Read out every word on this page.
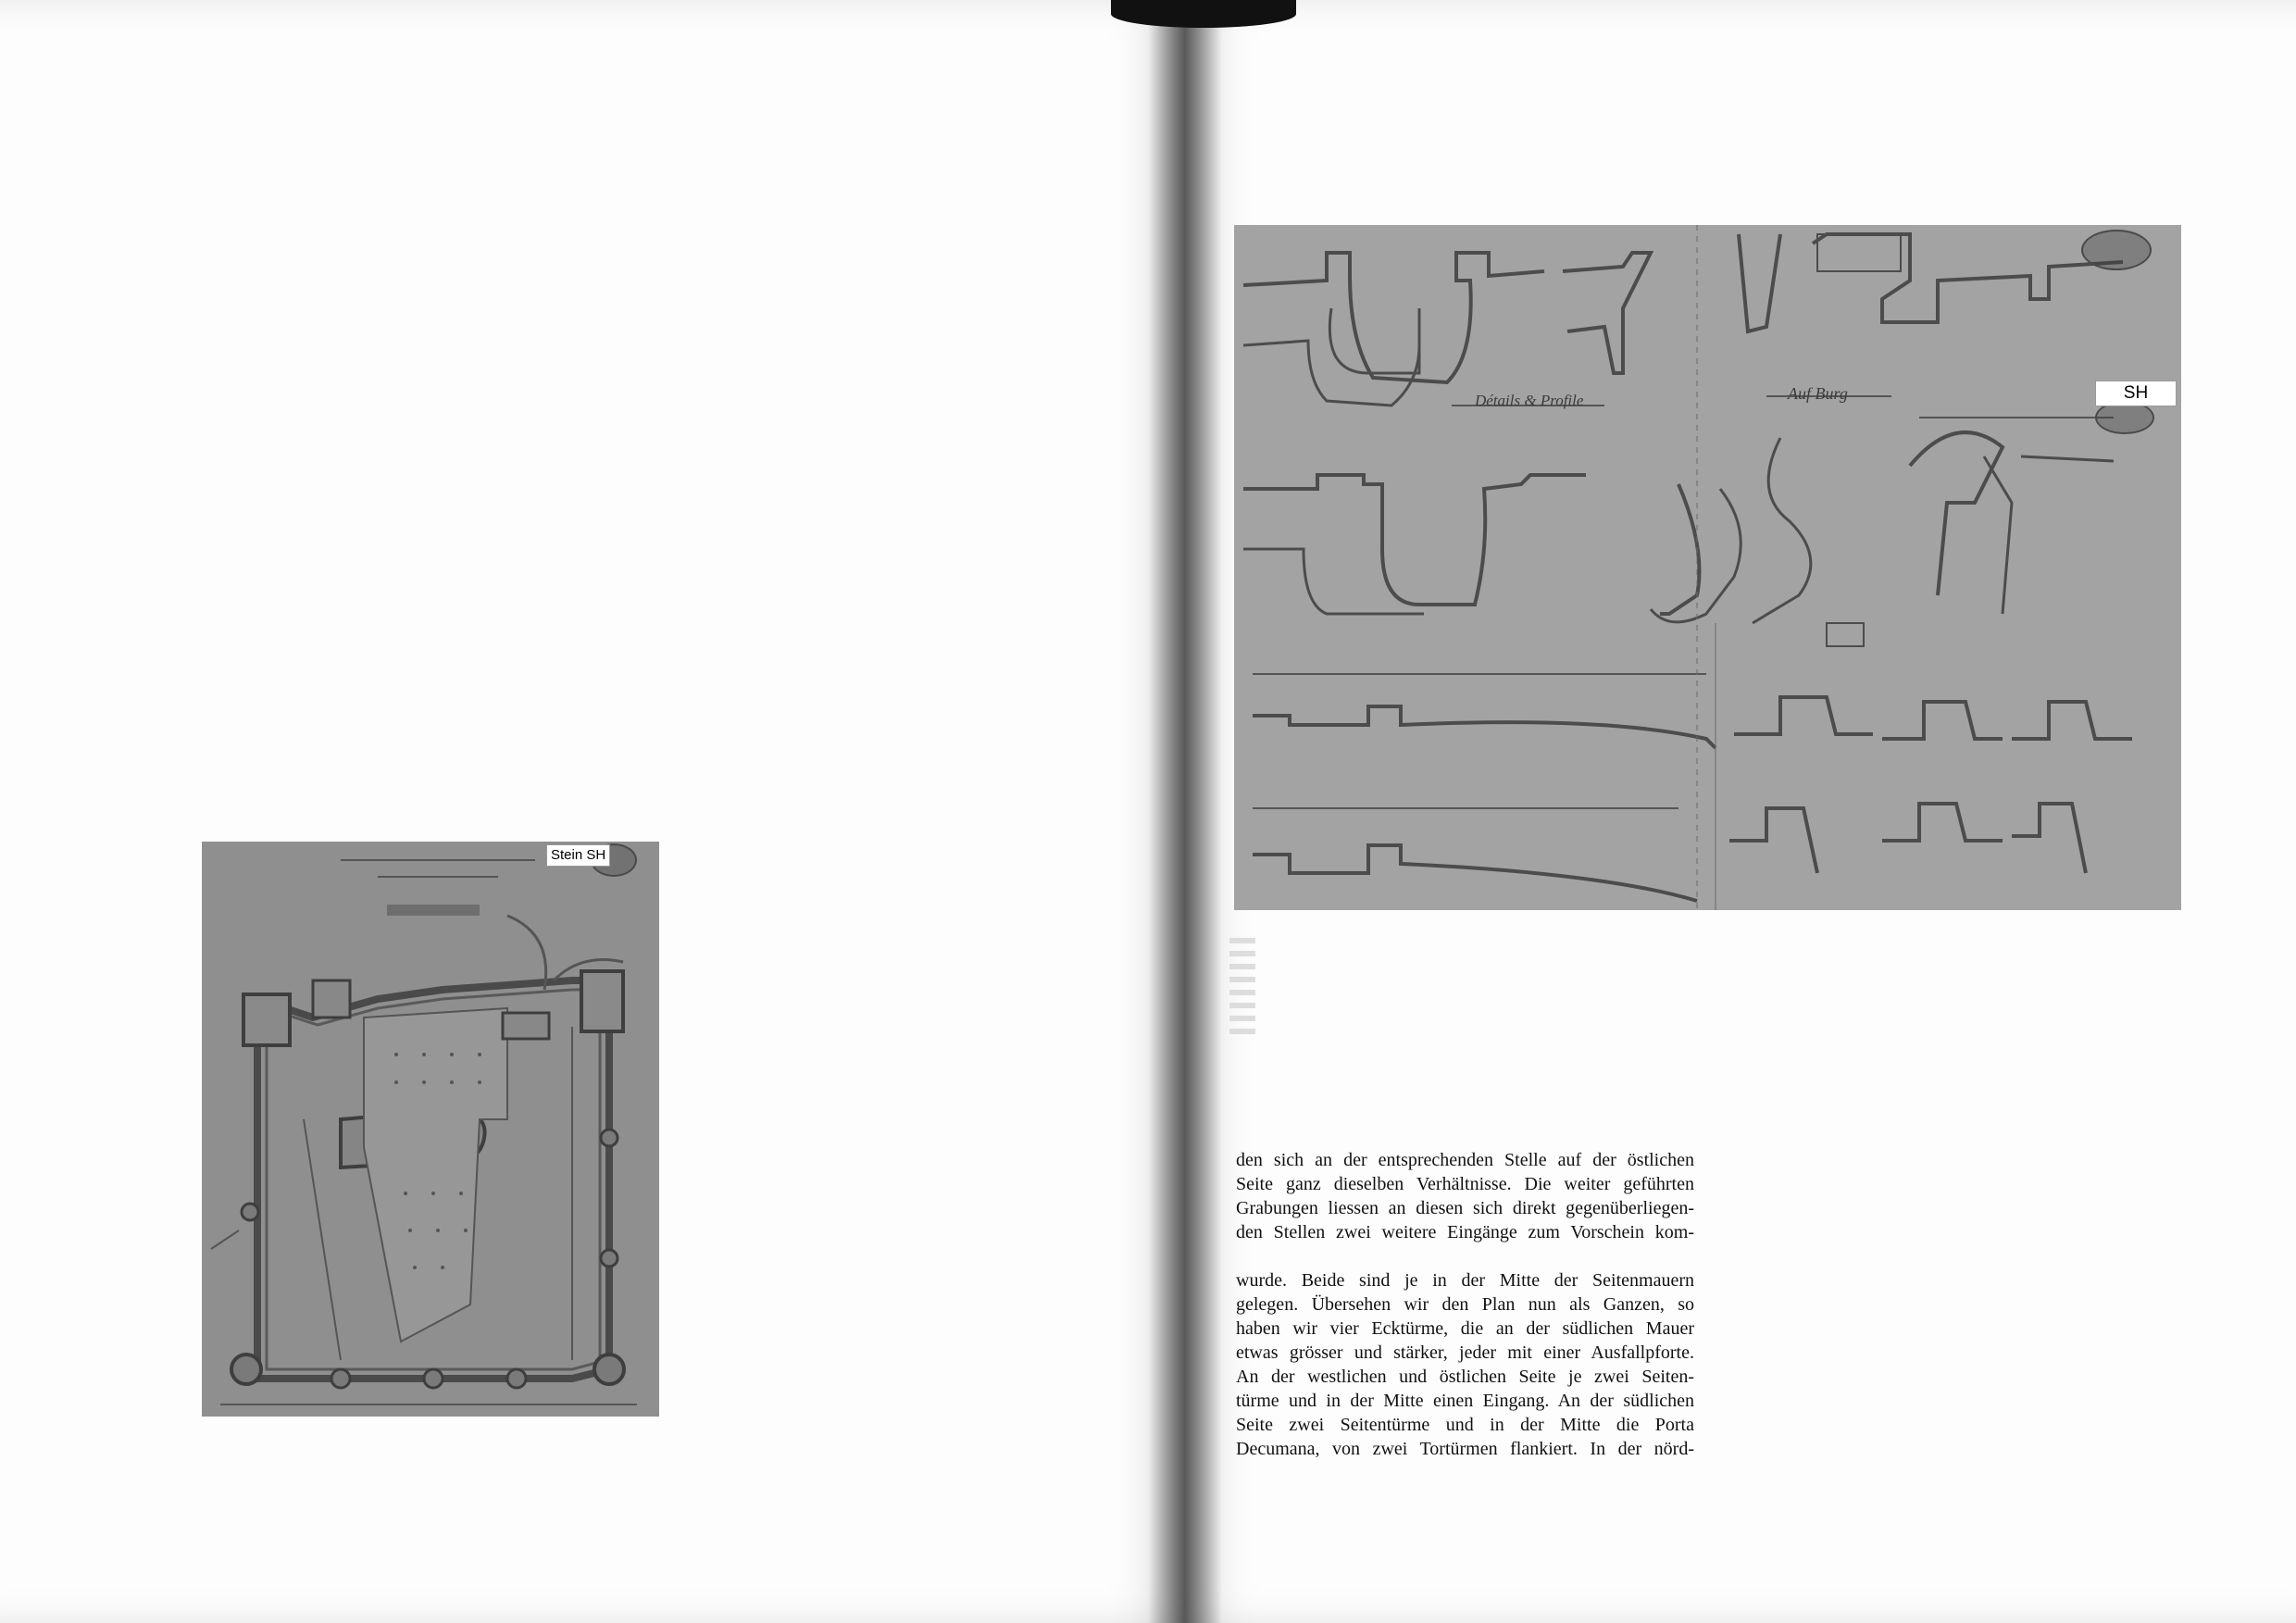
Stein SH
Détails & Profile	Auf Burg	SH
den sich an der entsprechenden Stelle auf der östlichen
Seite ganz dieselben Verhältnisse. Die weiter geführten
Grabungen liessen an diesen sich direkt gegenüberliegen-
den Stellen zwei weitere Eingänge zum Vorschein kom-
wurde. Beide sind je in der Mitte der Seitenmauern
gelegen. Übersehen wir den Plan nun als Ganzen, so
haben wir vier Ecktürme, die an der südlichen Mauer
etwas grösser und stärker, jeder mit einer Ausfallpforte.
An der westlichen und östlichen Seite je zwei Seiten-
türme und in der Mitte einen Eingang. An der südlichen
Seite zwei Seitentürme und in der Mitte die Porta
Decumana, von zwei Tortürmen flankiert. In der nörd-
